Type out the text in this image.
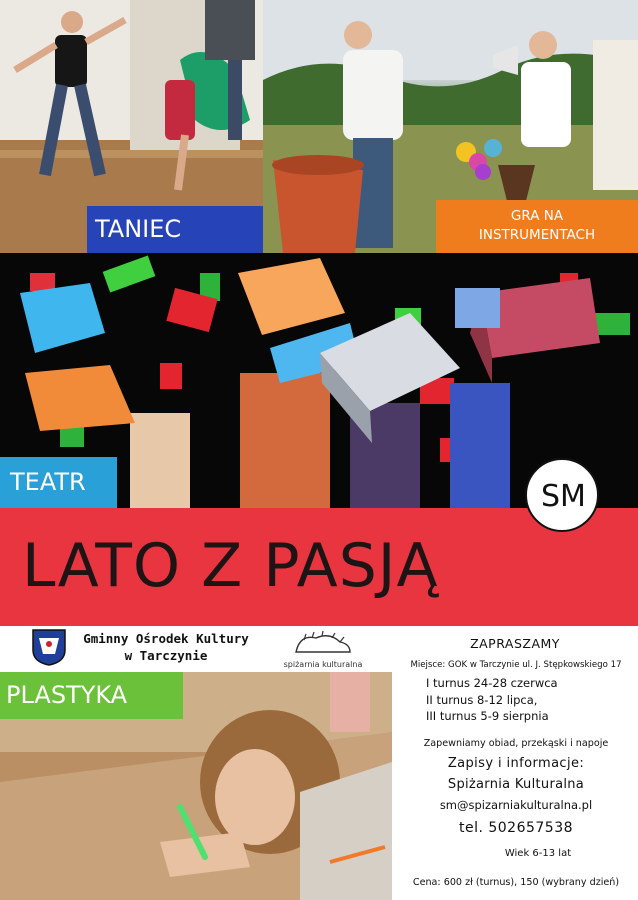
TANIEC	GRA NA
INSTRUMENTACH
TEATR
LATO Z PASJĄ
SM
Gminny Ośrodek Kultury
w Tarczynie
spiżarnia kulturalna
PLASTYKA
ZAPRASZAMY
Miejsce: GOK w Tarczynie ul. J. Stępkowskiego 17
I turnus 24-28 czerwca
II turnus 8-12 lipca,
III turnus 5-9 sierpnia
Zapewniamy obiad, przekąski i napoje
Zapisy i informacje:
Spiżarnia Kulturalna
sm@spizarniakulturalna.pl
tel. 502657538
Wiek 6-13 lat
Cena: 600 zł (turnus), 150 (wybrany dzień)
